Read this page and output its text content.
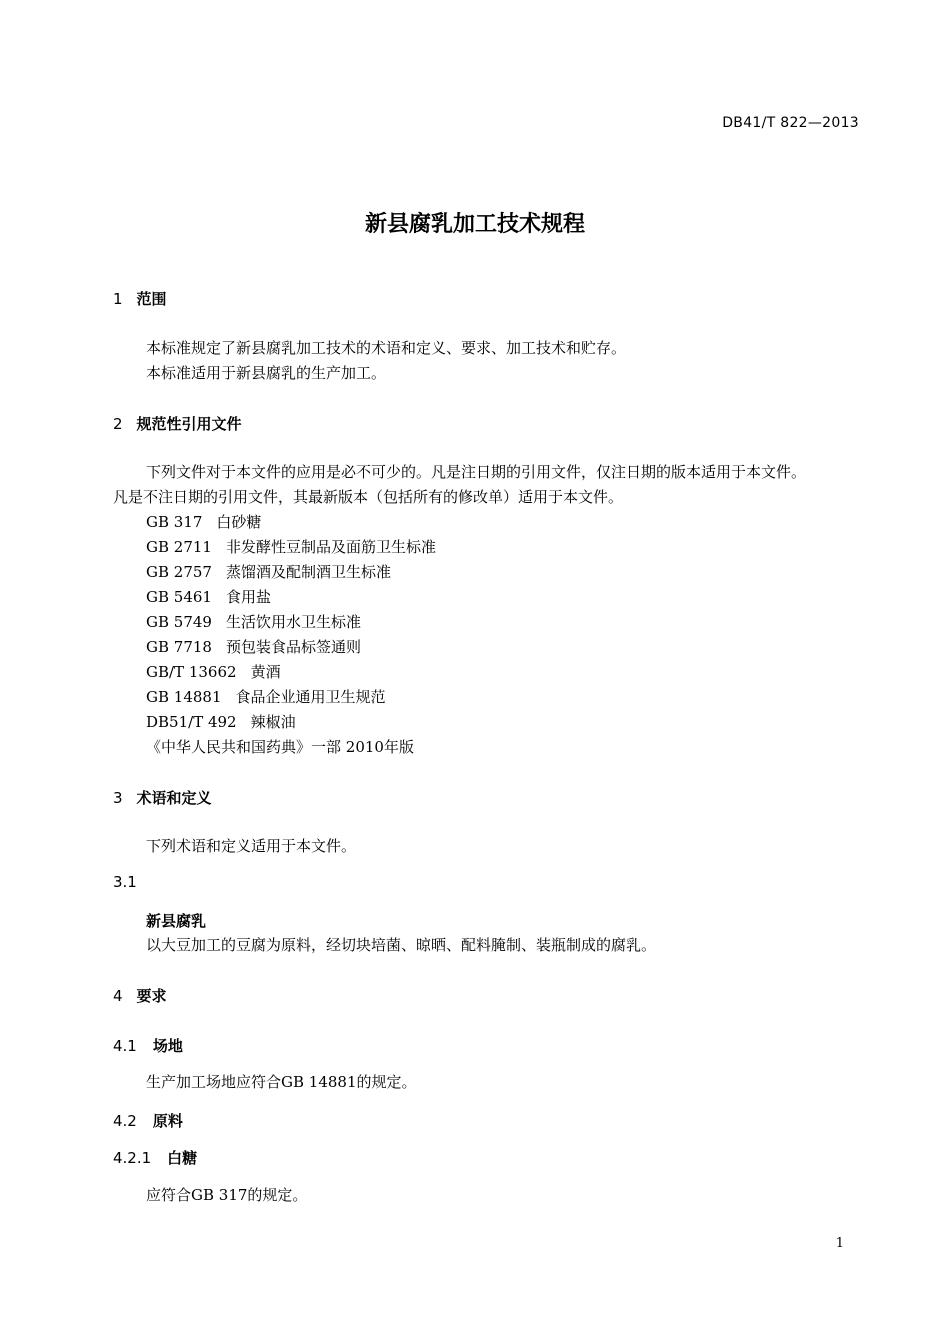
DB41/T 822—2013
新县腐乳加工技术规程
1 范围
本标准规定了新县腐乳加工技术的术语和定义、要求、加工技术和贮存。
本标准适用于新县腐乳的生产加工。
2 规范性引用文件
下列文件对于本文件的应用是必不可少的。凡是注日期的引用文件，仅注日期的版本适用于本文件。
凡是不注日期的引用文件，其最新版本（包括所有的修改单）适用于本文件。
GB 317 白砂糖
GB 2711 非发酵性豆制品及面筋卫生标准
GB 2757 蒸馏酒及配制酒卫生标准
GB 5461 食用盐
GB 5749 生活饮用水卫生标准
GB 7718 预包装食品标签通则
GB/T 13662 黄酒
GB 14881 食品企业通用卫生规范
DB51/T 492 辣椒油
《中华人民共和国药典》一部 2010年版
3 术语和定义
下列术语和定义适用于本文件。
3.1
新县腐乳
以大豆加工的豆腐为原料，经切块培菌、晾晒、配料腌制、装瓶制成的腐乳。
4 要求
4.1 场地
生产加工场地应符合GB 14881的规定。
4.2 原料
4.2.1 白糖
应符合GB 317的规定。
1
